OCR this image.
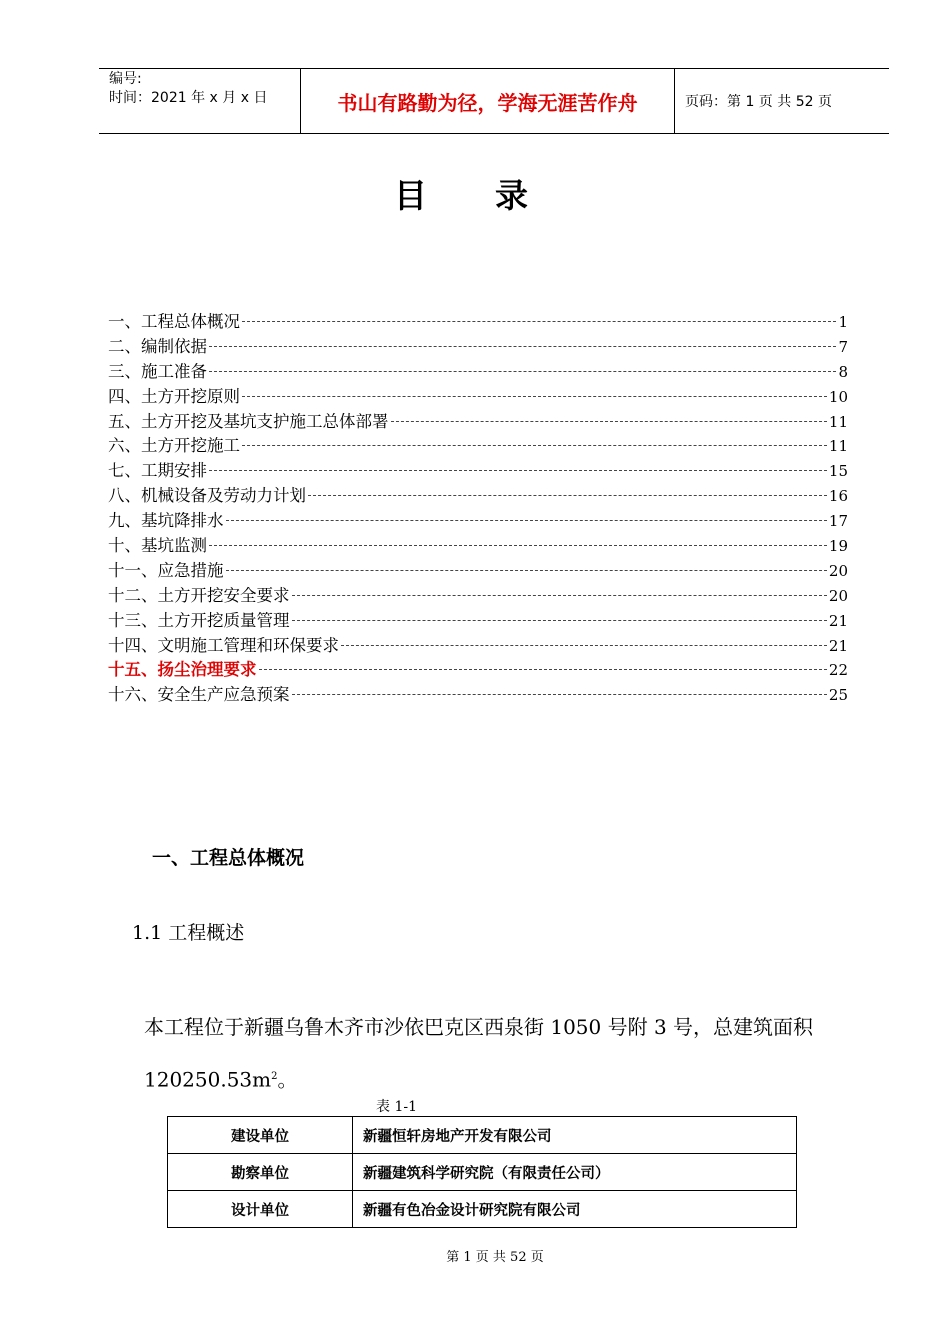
编号:
时间：2021 年 x 月 x 日	书山有路勤为径，学海无涯苦作舟	页码：第 1 页 共 52 页
目录
一、工程总体概况	1
二、编制依据	7
三、施工准备	8
四、土方开挖原则	10
五、土方开挖及基坑支护施工总体部署	11
六、土方开挖施工	11
七、工期安排	15
八、机械设备及劳动力计划	16
九、基坑降排水	17
十、基坑监测	19
十一、应急措施	20
十二、土方开挖安全要求	20
十三、土方开挖质量管理	21
十四、文明施工管理和环保要求	21
十五、扬尘治理要求	22
十六、安全生产应急预案	25
一、工程总体概况
1.1 工程概述
本工程位于新疆乌鲁木齐市沙依巴克区西泉街 1050 号附 3 号，总建筑面积 $120250.53m^2$。
表 1-1
建设单位	新疆恒轩房地产开发有限公司
勘察单位	新疆建筑科学研究院（有限责任公司）
设计单位	新疆有色冶金设计研究院有限公司
第 1 页 共 52 页
